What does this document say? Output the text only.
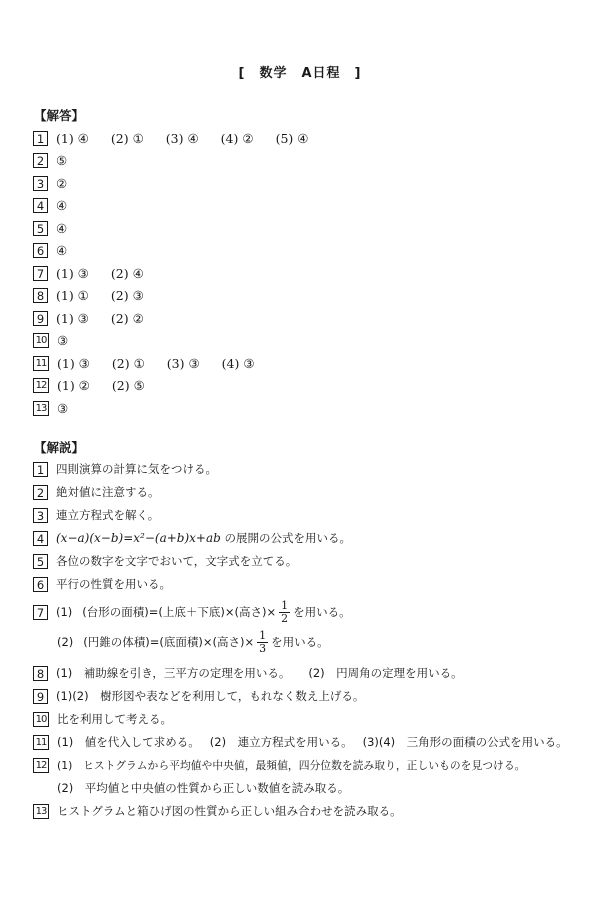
[　数学　A日程　]
【解答】
1 (1) ④ (2) ① (3) ④ (4) ② (5) ④
2 ⑤
3 ②
4 ④
5 ④
6 ④
7 (1) ③ (2) ④
8 (1) ① (2) ③
9 (1) ③ (2) ②
10 ③
11 (1) ③ (2) ① (3) ③ (4) ③
12 (1) ② (2) ⑤
13 ③
【解説】
1	四則演算の計算に気をつける。
2	絶対値に注意する。
3	連立方程式を解く。
4 (x−a)(x−b)=x²−(a+b)x+ab の展開の公式を用いる。
5	各位の数字を文字でおいて，文字式を立てる。
6	平行の性質を用いる。
7	(1) (台形の面積)=(上底＋下底)×(高さ)× $\frac{1}{2}$ を用いる。
(2) (円錐の体積)=(底面積)×(高さ)× $\frac{1}{3}$ を用いる。
8	(1)　補助線を引き，三平方の定理を用いる。 (2)　円周角の定理を用いる。
9	(1)(2)　樹形図や表などを利用して，もれなく数え上げる。
10 比を利用して考える。
11 (1)　値を代入して求める。 (2)　連立方程式を用いる。 (3)(4)　三角形の面積の公式を用いる。
12 (1)　ヒストグラムから平均値や中央値，最頻値，四分位数を読み取り，正しいものを見つける。
(2)　平均値と中央値の性質から正しい数値を読み取る。
13 ヒストグラムと箱ひげ図の性質から正しい組み合わせを読み取る。
